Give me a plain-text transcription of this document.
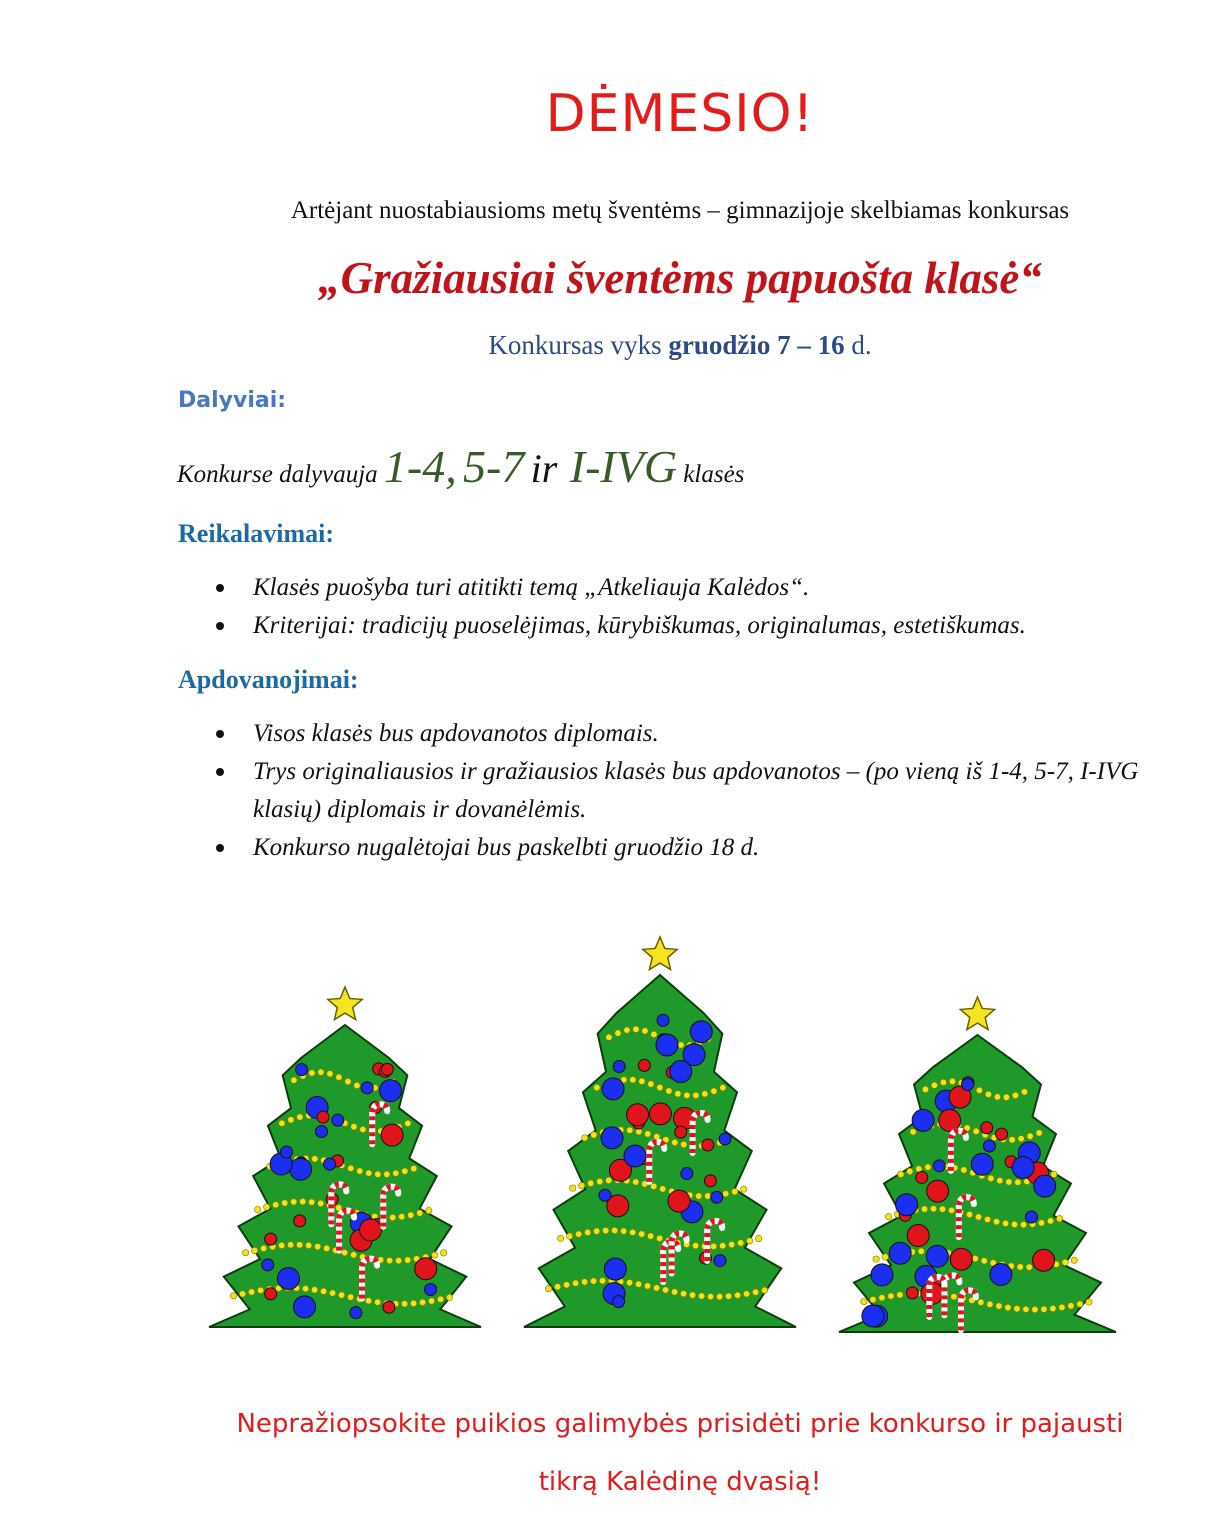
DĖMESIO!
Artėjant nuostabiausioms metų šventėms – gimnazijoje skelbiamas konkursas
„Gražiausiai šventėms papuošta klasė“
Konkursas vyks gruodžio 7 – 16 d.
Dalyviai:
Konkurse dalyvauja 1-4, 5-7 ir I-IVG klasės
Reikalavimai:
Klasės puošyba turi atitikti temą „Atkeliauja Kalėdos“.
Kriterijai: tradicijų puoselėjimas, kūrybiškumas, originalumas, estetiškumas.
Apdovanojimai:
Visos klasės bus apdovanotos diplomais.
Trys originaliausios ir gražiausios klasės bus apdovanotos – (po vieną iš 1-4, 5-7, I-IVG klasių) diplomais ir dovanėlėmis.
Konkurso nugalėtojai bus paskelbti gruodžio 18 d.
Nepražiopsokite puikios galimybės prisidėti prie konkurso ir pajausti
tikrą Kalėdinę dvasią!
